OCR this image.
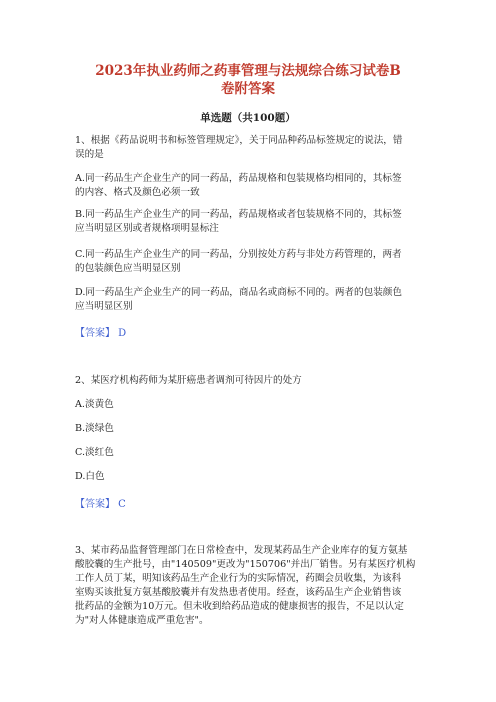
2023年执业药师之药事管理与法规综合练习试卷B
卷附答案
单选题（共100题）
1、根据《药品说明书和标签管理规定》，关于同品种药品标签规定的说法，错
误的是
A.同一药品生产企业生产的同一药品，药品规格和包装规格均相同的，其标签
的内容、格式及颜色必须一致
B.同一药品生产企业生产的同一药品，药品规格或者包装规格不同的，其标签
应当明显区别或者规格项明显标注
C.同一药品生产企业生产的同一药品，分别按处方药与非处方药管理的，两者
的包装颜色应当明显区别
D.同一药品生产企业生产的同一药品，商品名或商标不同的。两者的包装颜色
应当明显区别
【答案】 D
2、某医疗机构药师为某肝癌患者调剂可待因片的处方
A.淡黄色
B.淡绿色
C.淡红色
D.白色
【答案】 C
3、某市药品监督管理部门在日常检查中，发现某药品生产企业库存的复方氨基
酸胶囊的生产批号，由"140509"更改为"150706"并出厂销售。另有某医疗机构
工作人员丁某，明知该药品生产企业行为的实际情况，药圈会员收集，为该科
室购买该批复方氨基酸胶囊并有发热患者使用。经查，该药品生产企业销售该
批药品的金额为10万元。但未收到给药品造成的健康损害的报告，不足以认定
为"对人体健康造成严重危害"。
